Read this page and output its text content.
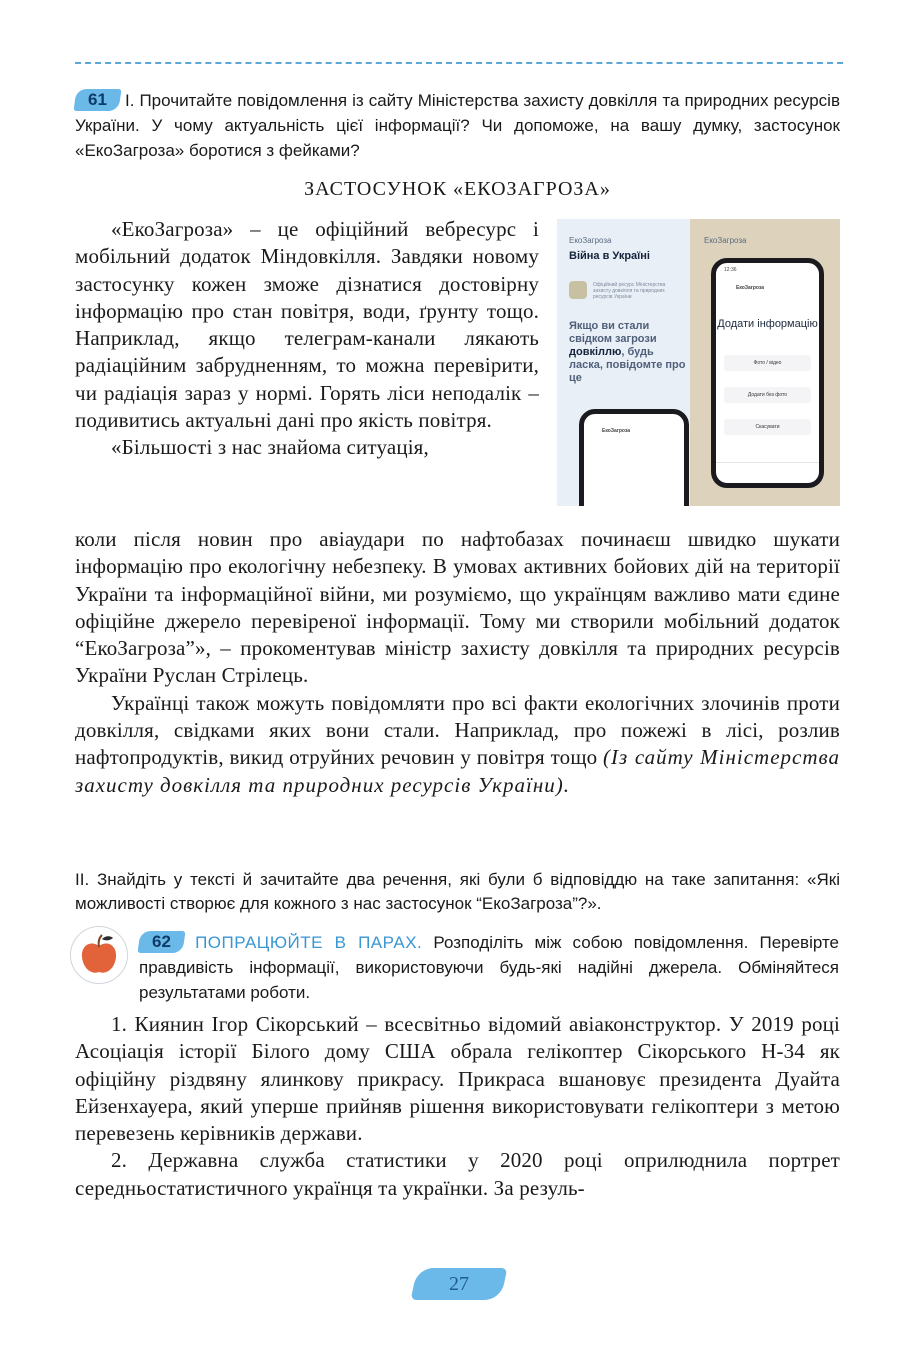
61 І. Прочитайте повідомлення із сайту Міністерства захисту довкілля та природних ресурсів України. У чому актуальність цієї інформації? Чи допоможе, на вашу думку, застосунок «ЕкоЗагроза» боротися з фейками?
ЗАСТОСУНОК «ЕКОЗАГРОЗА»

«ЕкоЗагроза» – це офіційний вебресурс і мобільний додаток Міндовкілля. Завдяки новому застосунку кожен зможе дізнатися достовірну інформацію про стан повітря, води, ґрунту тощо. Наприклад, якщо телеграм-канали лякають радіаційним забрудненням, то можна перевірити, чи радіація зараз у нормі. Горять ліси неподалік – подивитись актуальні дані про якість повітря.

«Більшості з нас знайома ситуація,

ЕкоЗагроза
Війна в Україні
Офіційний ресурс Міністерства захисту довкілля та природних ресурсів України
Якщо ви стали свідком загрози довкіллю, будь ласка, повідомте про це
ЕкоЗагроза
12:36
ЕкоЗагроза
Додати інформацію
Фото / відео
Додати без фото
Скасувати
ЕкоЗагроза

коли після новин про авіаудари по нафтобазах починаєш швидко шукати інформацію про екологічну небезпеку. В умовах активних бойових дій на території України та інформаційної війни, ми розуміємо, що українцям важливо мати єдине офіційне джерело перевіреної інформації. Тому ми створили мобільний додаток “ЕкоЗагроза”», – прокоментував міністр захисту довкілля та природних ресурсів України Руслан Стрілець.

Українці також можуть повідомляти про всі факти екологічних злочинів проти довкілля, свідками яких вони стали. Наприклад, про пожежі в лісі, розлив нафтопродуктів, викид отруйних речовин у повітря тощо (Із сайту Міністерства захисту довкілля та природних ресурсів України).

ІІ. Знайдіть у тексті й зачитайте два речення, які були б відповіддю на таке запитання: «Які можливості створює для кожного з нас застосунок “ЕкоЗагроза”?».
62 ПОПРАЦЮЙТЕ В ПАРАХ. Розподіліть між собою повідомлення. Перевірте правдивість інформації, використовуючи будь-які надійні джерела. Обміняйтеся результатами роботи.

1. Киянин Ігор Сікорський – всесвітньо відомий авіаконструктор. У 2019 році Асоціація історії Білого дому США обрала гелікоптер Сікорського H-34 як офіційну різдвяну ялинкову прикрасу. Прикраса вшановує президента Дуайта Ейзенхауера, який уперше прийняв рішення використовувати гелікоптери з метою перевезень керівників держави.

2. Державна служба статистики у 2020 році оприлюднила портрет середньостатистичного українця та українки. За резуль-

27
